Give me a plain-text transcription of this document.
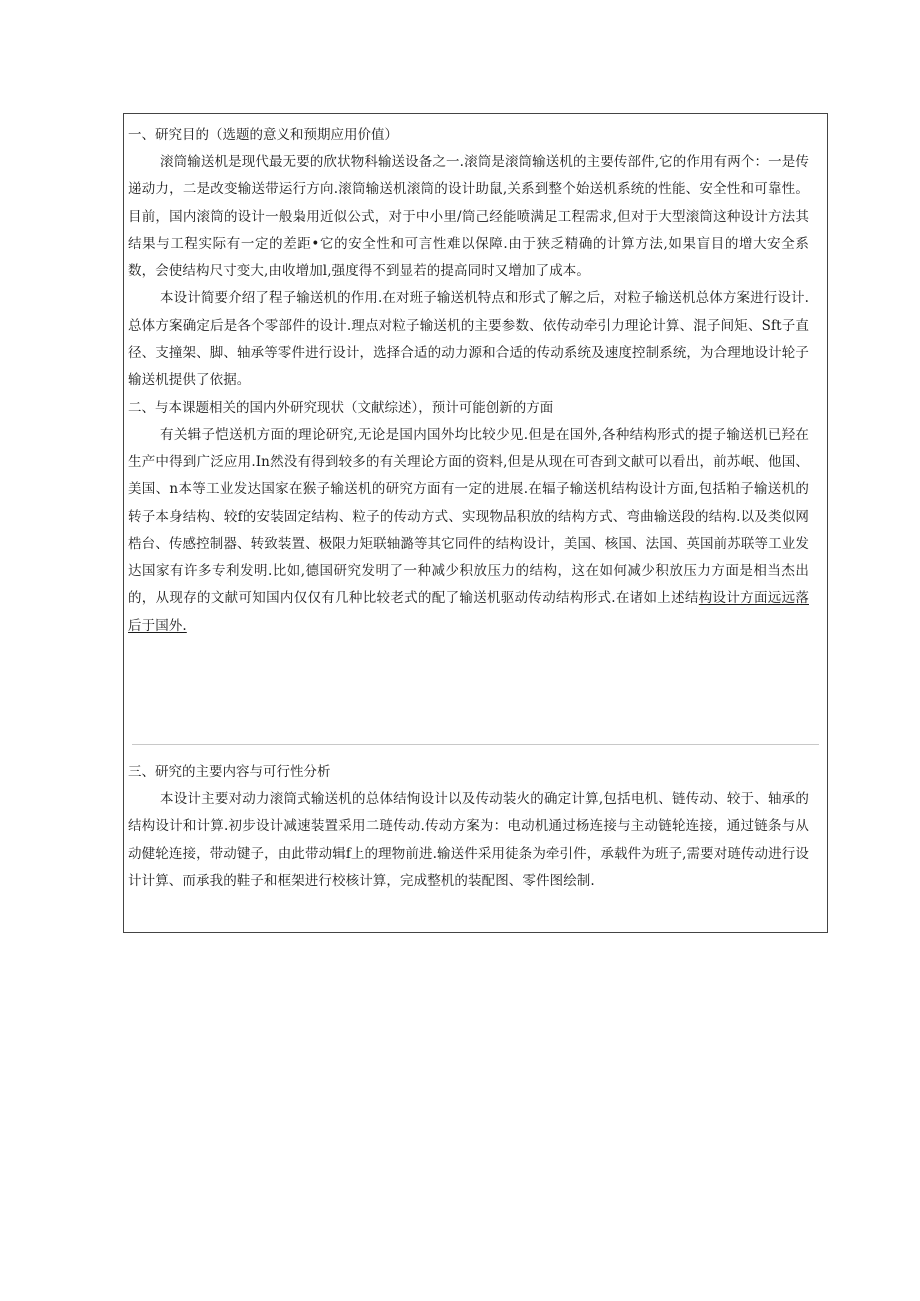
一、研究目的（选题的意义和预期应用价值）

滚筒输送机是现代最无要的欣状物科输送设备之一.滚筒是滚筒输送机的主要传部件,它的作用有两个：一是传递动力，二是改变输送带运行方向.滚筒输送机滚筒的设计助鼠,关系到整个始送机系统的性能、安全性和可靠性。目前，国内滚筒的设计一般枭用近似公式，对于中小里/筒己经能喷满足工程需求,但对于大型滚筒这种设计方法其结果与工程实际有一定的差距•它的安全性和可言性难以保障.由于狭乏精确的计算方法,如果盲目的增大安全系数，会使结构尺寸变大,由收增加l,强度得不到显若的提高同时又增加了成本。

本设计简要介绍了程子输送机的作用.在对班子输送机特点和形式了解之后，对粒子输送机总体方案进行设计.总体方案确定后是各个零部件的设计.理点对粒子输送机的主要参数、依传动牵引力理论计算、混子间矩、Sft子直径、支撞架、脚、轴承等零件进行设计，选择合适的动力源和合适的传动系统及速度控制系统，为合理地设计轮子输送机提供了依据。

二、与本课题相关的国内外研究现状（文献综述），预计可能创新的方面

有关辑子恺送机方面的理论研究,无论是国内国外均比较少见.但是在国外,各种结构形式的提子输送机已羟在生产中得到广泛应用.In然没有得到较多的有关理论方面的资料,但是从现在可杳到文献可以看出，前苏岷、他国、美国、n本等工业发达国家在猴子输送机的研究方面有一定的进展.在辐子输送机结构设计方面,包括粕子输送机的转子本身结构、较f的安装固定结构、粒子的传动方式、实现物品积放的结构方式、弯曲输送段的结构.以及类似网梏台、传感控制器、转致装置、极限力矩联轴潞等其它同件的结构设计，美国、核国、法国、英国前苏联等工业发达国家有许多专利发明.比如,德国研究发明了一种减少积放压力的结构，这在如何减少积放压力方面是相当杰出的，从现存的文献可知国内仅仅有几种比较老式的配了输送机驱动传动结构形式.在诸如上述结构设计方面远远落后于国外.

三、研究的主要内容与可行性分析

本设计主要对动力滚筒式输送机的总体结恂设计以及传动装火的确定计算,包括电机、链传动、较于、轴承的结构设计和计算.初步设计减速装置采用二琏传动.传动方案为：电动机通过杨连接与主动链轮连接，通过链条与从动健轮连接，带动键子，由此带动辑f上的理物前进.输送件采用徒条为牵引件，承载件为班子,需要对琏传动进行设计计算、而承我的鞋子和框架进行校核计算，完成整机的装配图、零件图绘制.
